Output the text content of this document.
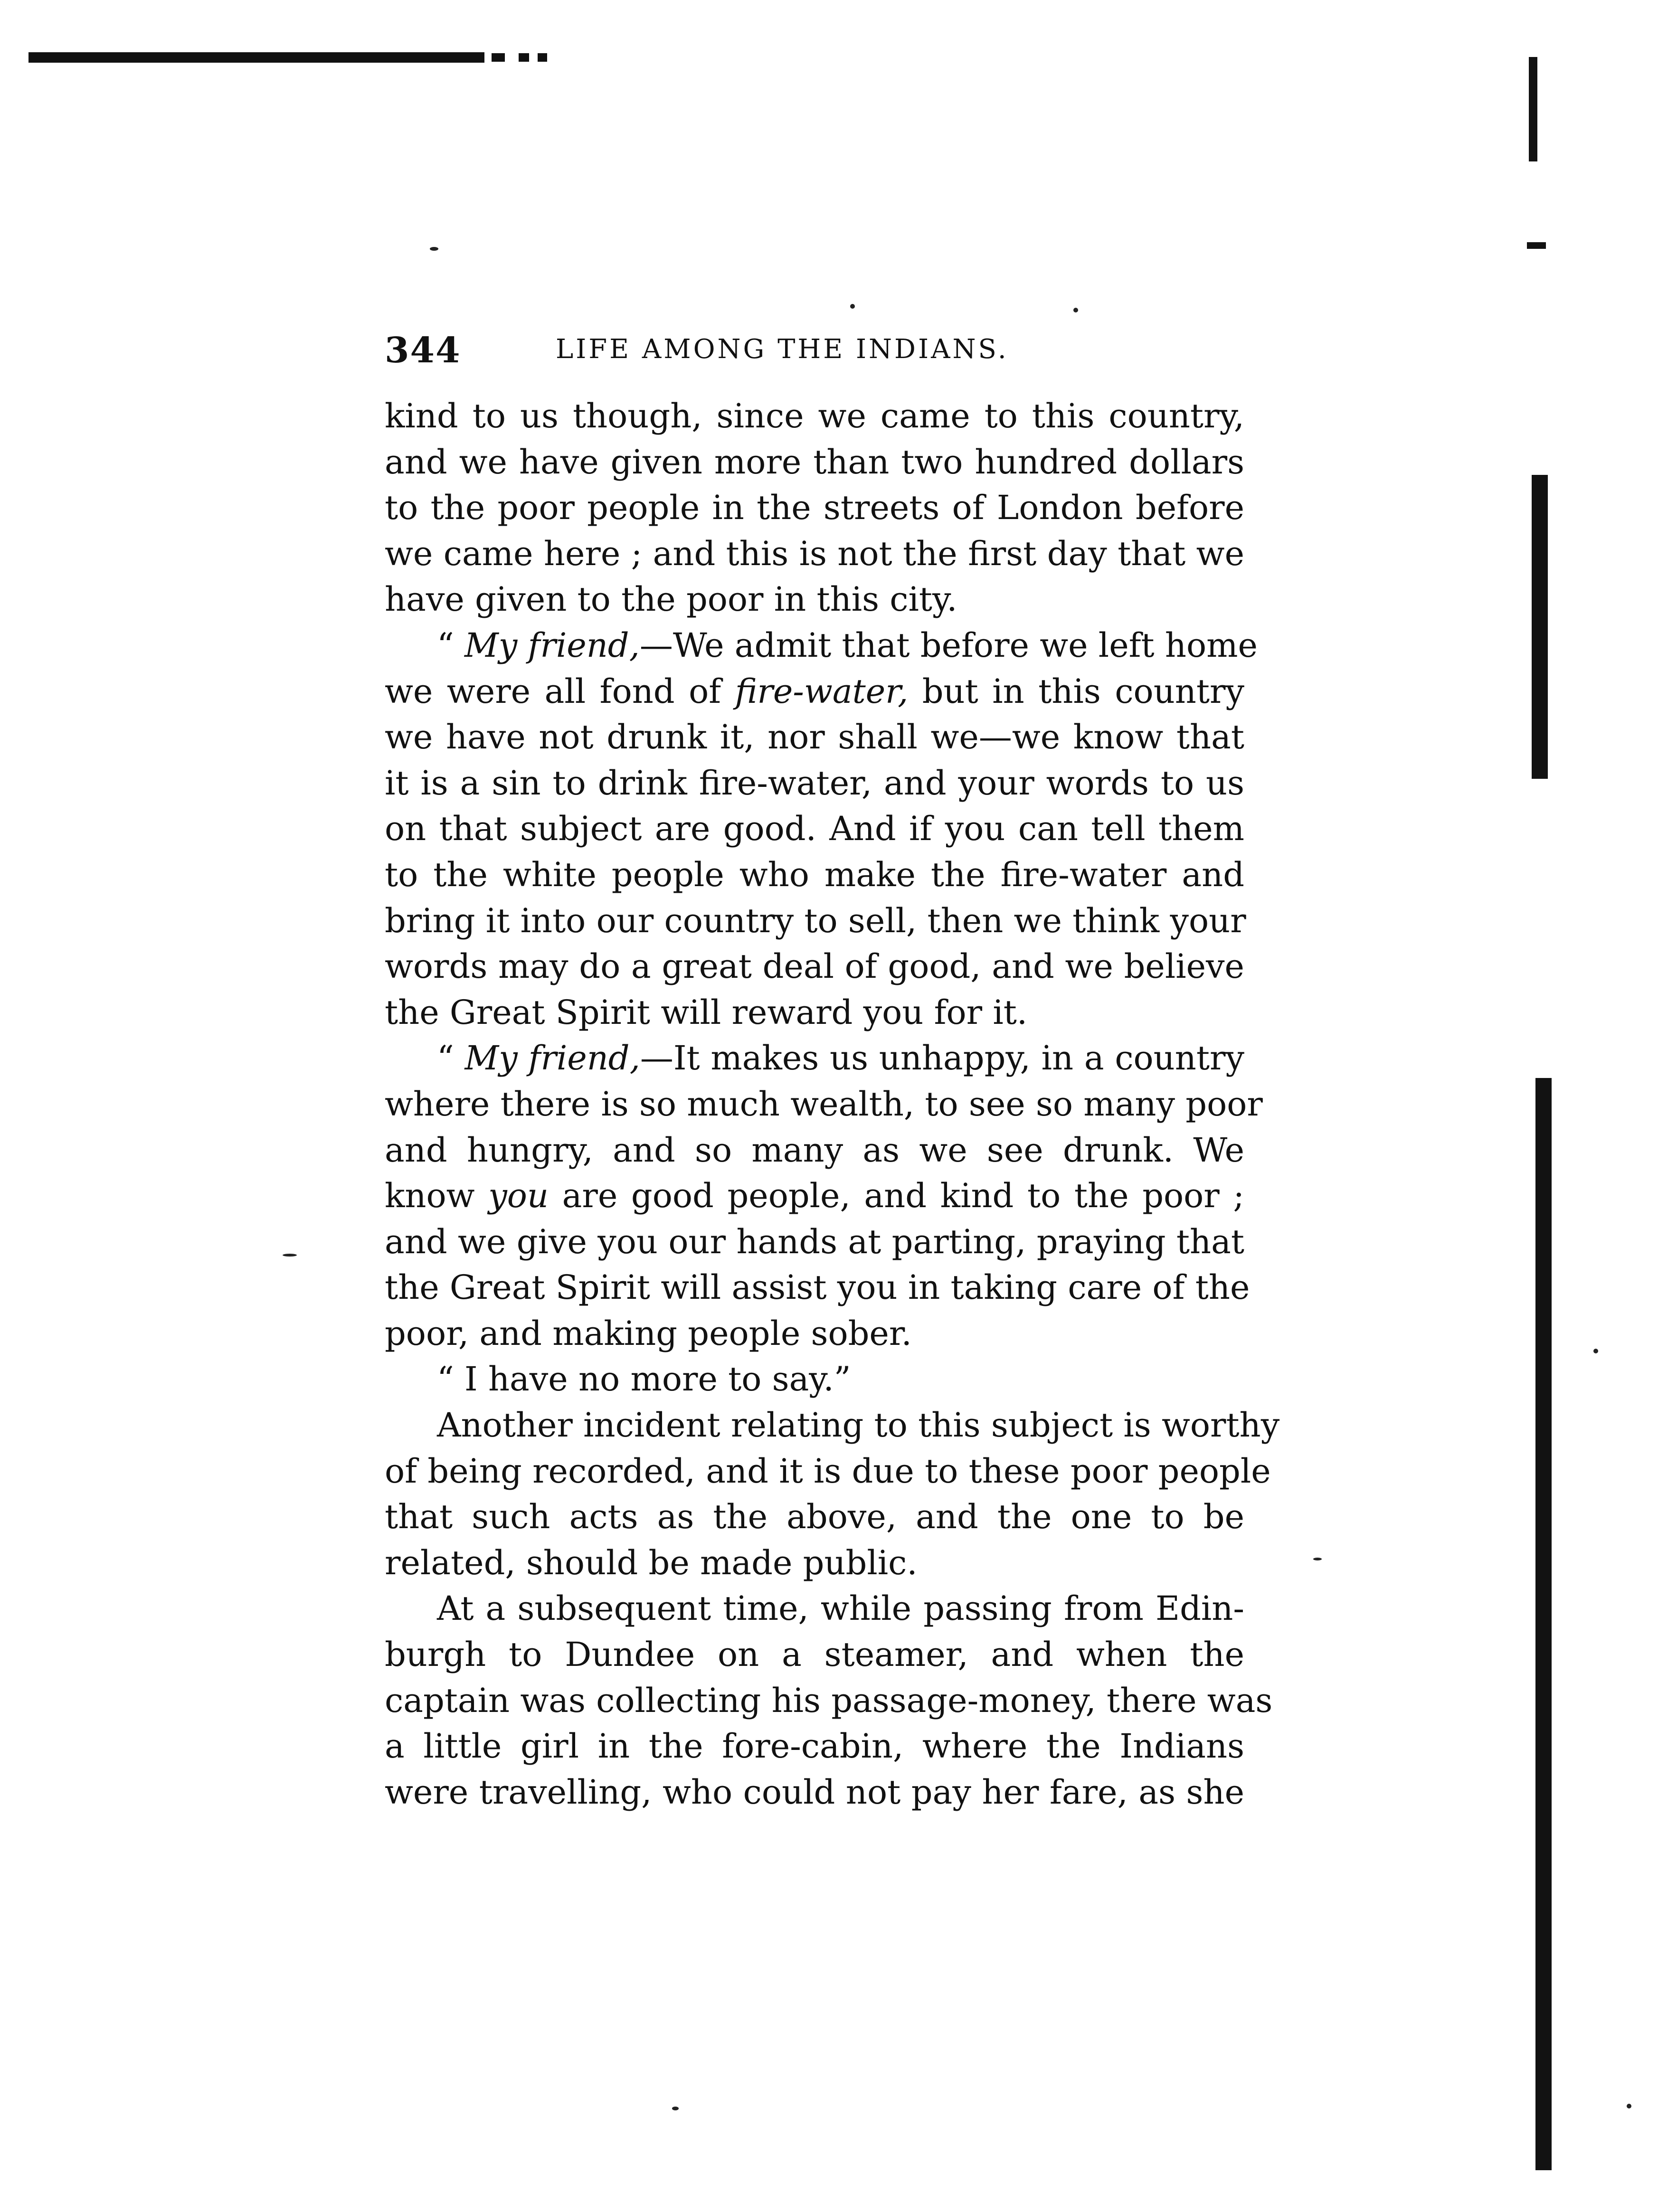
344	LIFE AMONG THE INDIANS.
kind to us though, since we came to this country,
and we have given more than two hundred dollars
to the poor people in the streets of London before
we came here ; and this is not the first day that we
have given to the poor in this city.
“ My friend,—We admit that before we left home
we were all fond of fire-water, but in this country
we have not drunk it, nor shall we—we know that
it is a sin to drink fire-water, and your words to us
on that subject are good. And if you can tell them
to the white people who make the fire-water and
bring it into our country to sell, then we think your
words may do a great deal of good, and we believe
the Great Spirit will reward you for it.
“ My friend,—It makes us unhappy, in a country
where there is so much wealth, to see so many poor
and hungry, and so many as we see drunk. We
know you are good people, and kind to the poor ;
and we give you our hands at parting, praying that
the Great Spirit will assist you in taking care of the
poor, and making people sober.
“ I have no more to say.”
Another incident relating to this subject is worthy
of being recorded, and it is due to these poor people
that such acts as the above, and the one to be
related, should be made public.
At a subsequent time, while passing from Edin-
burgh to Dundee on a steamer, and when the
captain was collecting his passage-money, there was
a little girl in the fore-cabin, where the Indians
were travelling, who could not pay her fare, as she
